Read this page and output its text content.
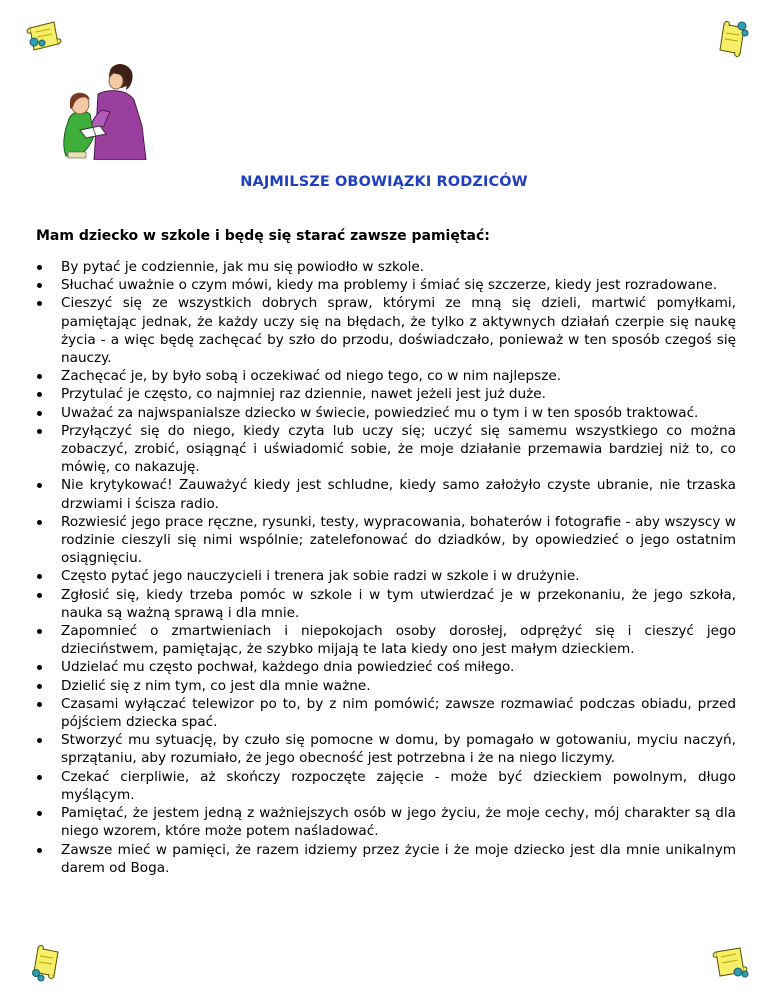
NAJMILSZE OBOWIĄZKI RODZICÓW
Mam dziecko w szkole i będę się starać zawsze pamiętać:
By pytać je codziennie, jak mu się powiodło w szkole.
Słuchać uważnie o czym mówi, kiedy ma problemy i śmiać się szczerze, kiedy jest rozradowane.
Cieszyć się ze wszystkich dobrych spraw, którymi ze mną się dzieli, martwić pomyłkami, pamiętając jednak, że każdy uczy się na błędach, że tylko z aktywnych działań czerpie się naukę życia - a więc będę zachęcać by szło do przodu, doświadczało, ponieważ w ten sposób czegoś się nauczy.
Zachęcać je, by było sobą i oczekiwać od niego tego, co w nim najlepsze.
Przytulać je często, co najmniej raz dziennie, nawet jeżeli jest już duże.
Uważać za najwspanialsze dziecko w świecie, powiedzieć mu o tym i w ten sposób traktować.
Przyłączyć się do niego, kiedy czyta lub uczy się; uczyć się samemu wszystkiego co można zobaczyć, zrobić, osiągnąć i uświadomić sobie, że moje działanie przemawia bardziej niż to, co mówię, co nakazuję.
Nie krytykować! Zauważyć kiedy jest schludne, kiedy samo założyło czyste ubranie, nie trzaska drzwiami i ścisza radio.
Rozwiesić jego prace ręczne, rysunki, testy, wypracowania, bohaterów i fotografie - aby wszyscy w rodzinie cieszyli się nimi wspólnie; zatelefonować do dziadków, by opowiedzieć o jego ostatnim osiągnięciu.
Często pytać jego nauczycieli i trenera jak sobie radzi w szkole i w drużynie.
Zgłosić się, kiedy trzeba pomóc w szkole i w tym utwierdzać je w przekonaniu, że jego szkoła, nauka są ważną sprawą i dla mnie.
Zapomnieć o zmartwieniach i niepokojach osoby dorosłej, odprężyć się i cieszyć jego dzieciństwem, pamiętając, że szybko mijają te lata kiedy ono jest małym dzieckiem.
Udzielać mu często pochwał, każdego dnia powiedzieć coś miłego.
Dzielić się z nim tym, co jest dla mnie ważne.
Czasami wyłączać telewizor po to, by z nim pomówić; zawsze rozmawiać podczas obiadu, przed pójściem dziecka spać.
Stworzyć mu sytuację, by czuło się pomocne w domu, by pomagało w gotowaniu, myciu naczyń, sprzątaniu, aby rozumiało, że jego obecność jest potrzebna i że na niego liczymy.
Czekać cierpliwie, aż skończy rozpoczęte zajęcie - może być dzieckiem powolnym, długo myślącym.
Pamiętać, że jestem jedną z ważniejszych osób w jego życiu, że moje cechy, mój charakter są dla niego wzorem, które może potem naśladować.
Zawsze mieć w pamięci, że razem idziemy przez życie i że moje dziecko jest dla mnie unikalnym darem od Boga.
